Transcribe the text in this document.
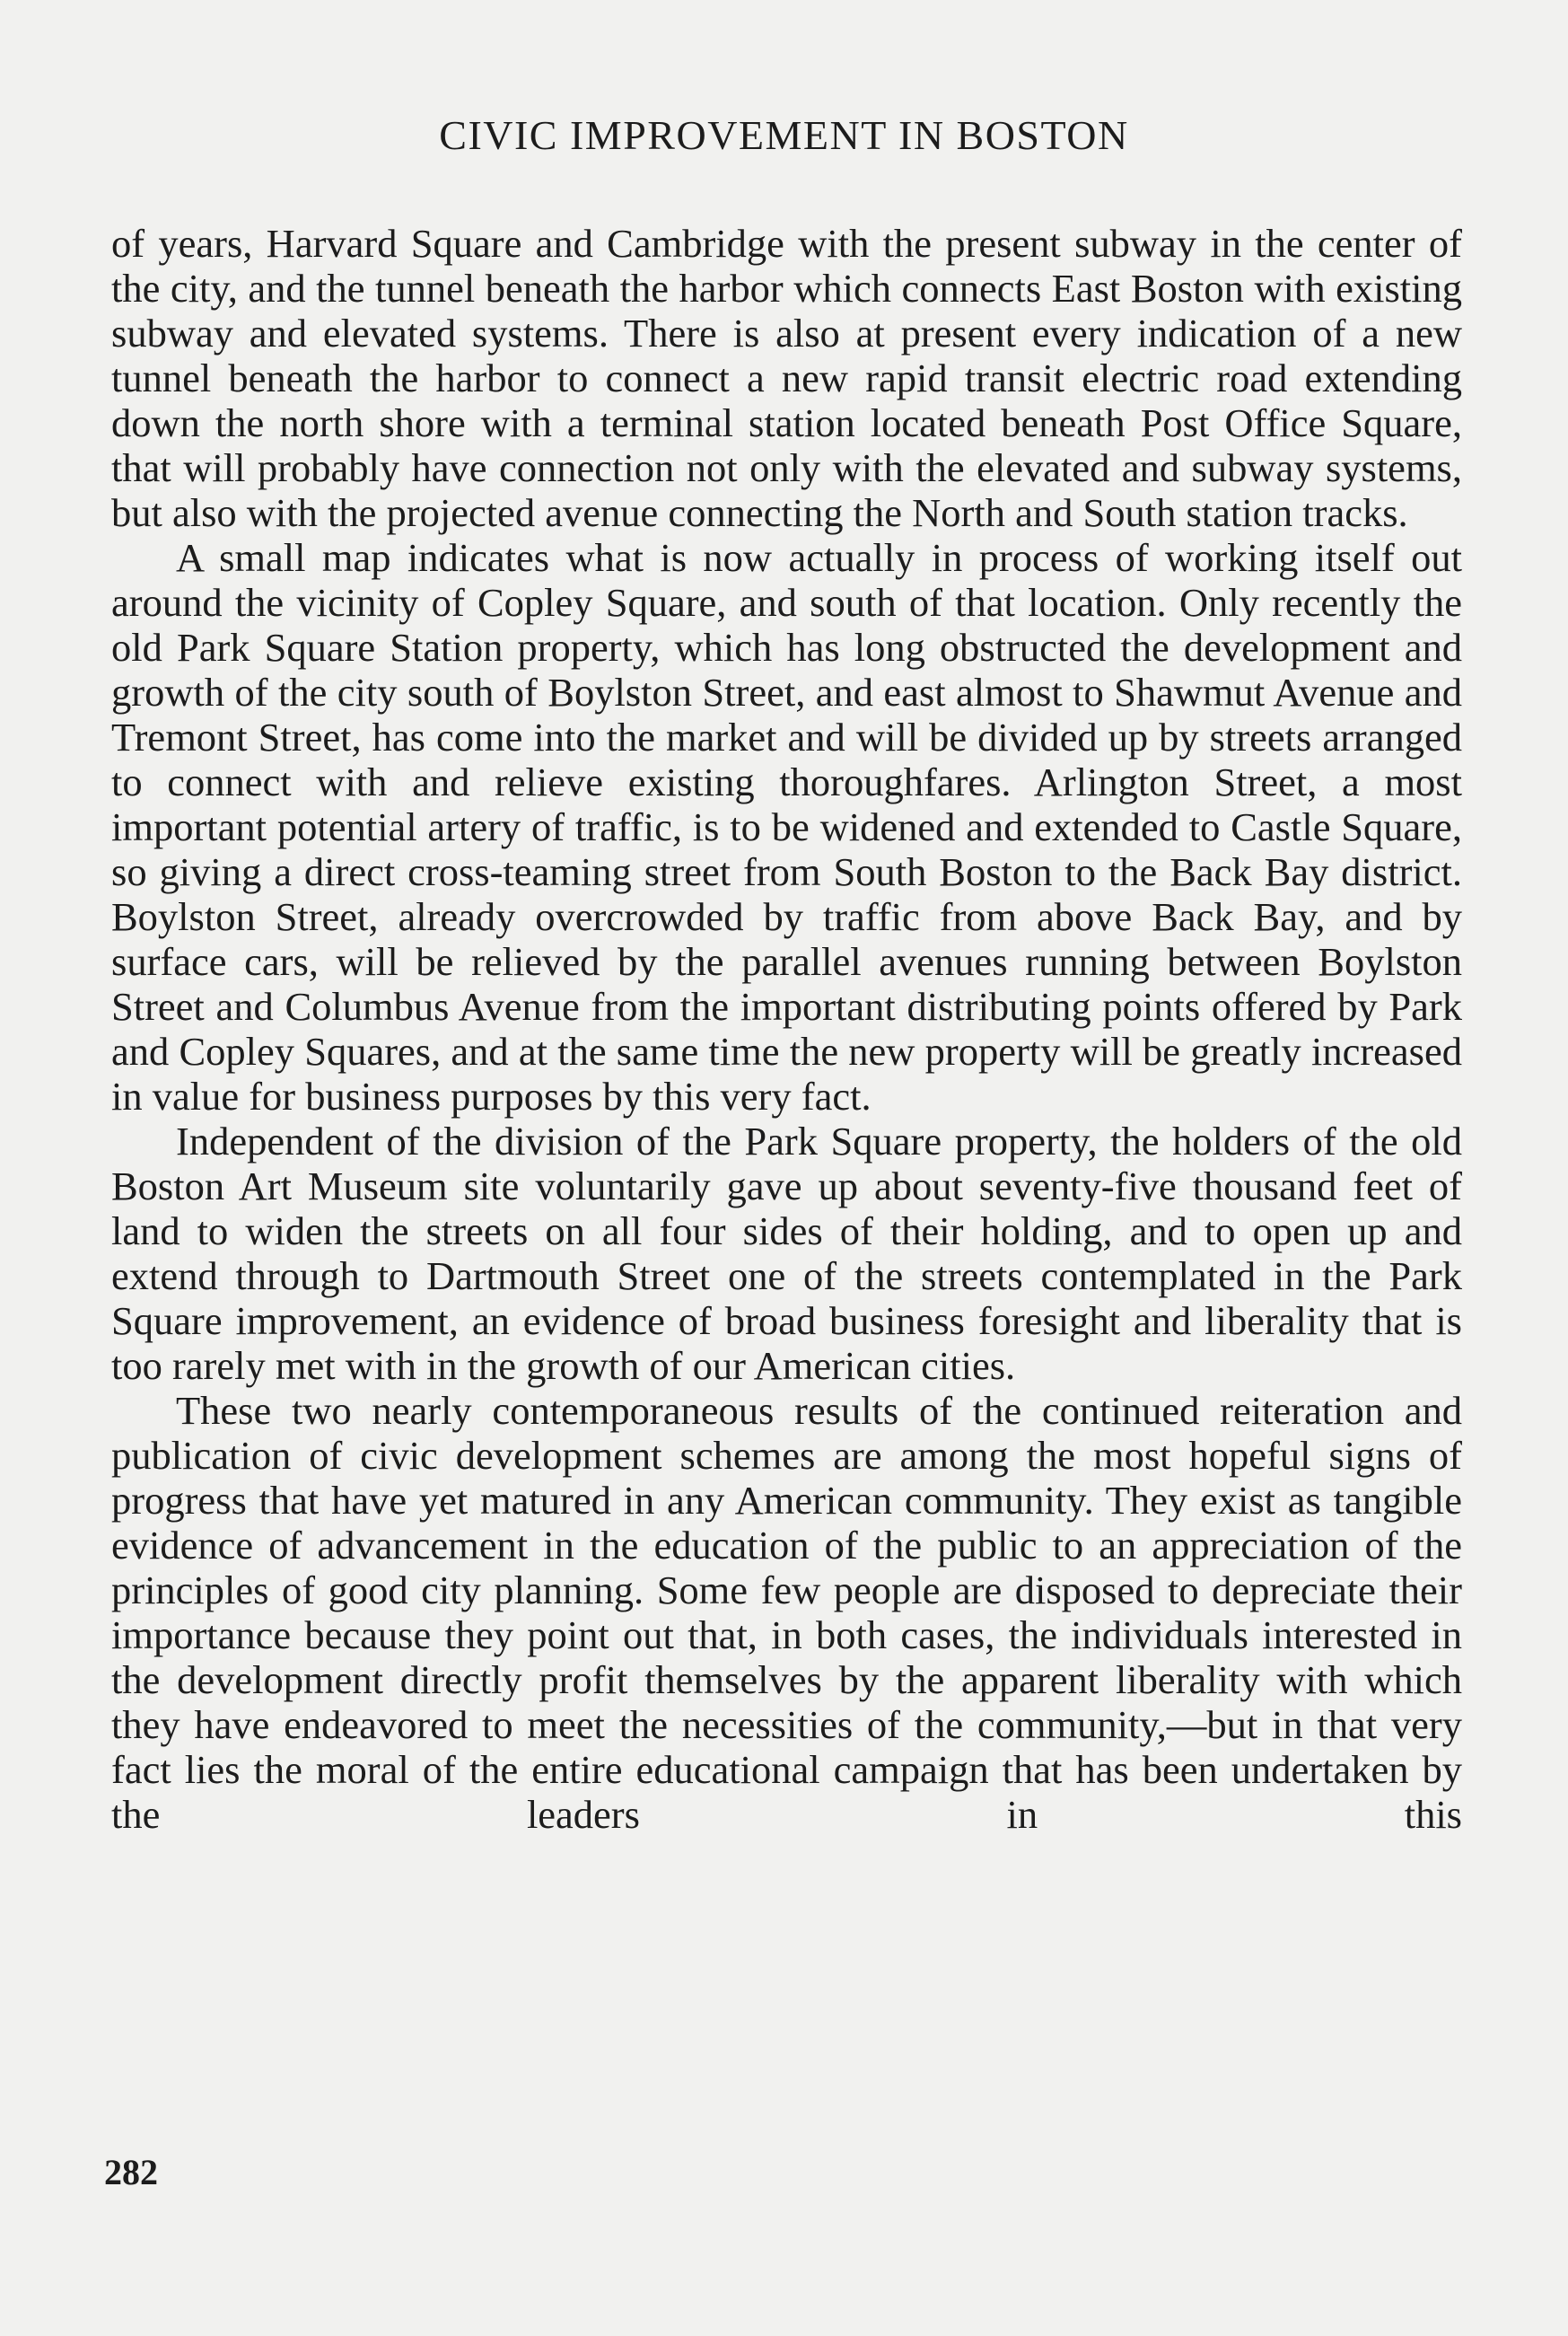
CIVIC IMPROVEMENT IN BOSTON

of years, Harvard Square and Cambridge with the present subway in the center of the city, and the tunnel beneath the harbor which connects East Boston with existing subway and elevated systems. There is also at present every indication of a new tunnel beneath the harbor to connect a new rapid transit electric road extending down the north shore with a terminal station located beneath Post Office Square, that will probably have connection not only with the elevated and subway systems, but also with the projected avenue connecting the North and South station tracks.

A small map indicates what is now actually in process of working itself out around the vicinity of Copley Square, and south of that location. Only recently the old Park Square Station property, which has long obstructed the development and growth of the city south of Boylston Street, and east almost to Shawmut Avenue and Tremont Street, has come into the market and will be divided up by streets arranged to connect with and relieve existing thoroughfares. Arlington Street, a most important potential artery of traffic, is to be widened and extended to Castle Square, so giving a direct cross-teaming street from South Boston to the Back Bay district. Boylston Street, already overcrowded by traffic from above Back Bay, and by surface cars, will be relieved by the parallel avenues running between Boylston Street and Columbus Avenue from the important distributing points offered by Park and Copley Squares, and at the same time the new property will be greatly increased in value for business purposes by this very fact.

Independent of the division of the Park Square property, the holders of the old Boston Art Museum site voluntarily gave up about seventy-five thousand feet of land to widen the streets on all four sides of their holding, and to open up and extend through to Dartmouth Street one of the streets contemplated in the Park Square improvement, an evidence of broad business foresight and liberality that is too rarely met with in the growth of our American cities.

These two nearly contemporaneous results of the continued reiteration and publication of civic development schemes are among the most hopeful signs of progress that have yet matured in any American community. They exist as tangible evidence of advancement in the education of the public to an appreciation of the principles of good city planning. Some few people are disposed to depreciate their importance because they point out that, in both cases, the individuals interested in the development directly profit themselves by the apparent liberality with which they have endeavored to meet the necessities of the community,—but in that very fact lies the moral of the entire educational campaign that has been undertaken by the leaders in this

282
